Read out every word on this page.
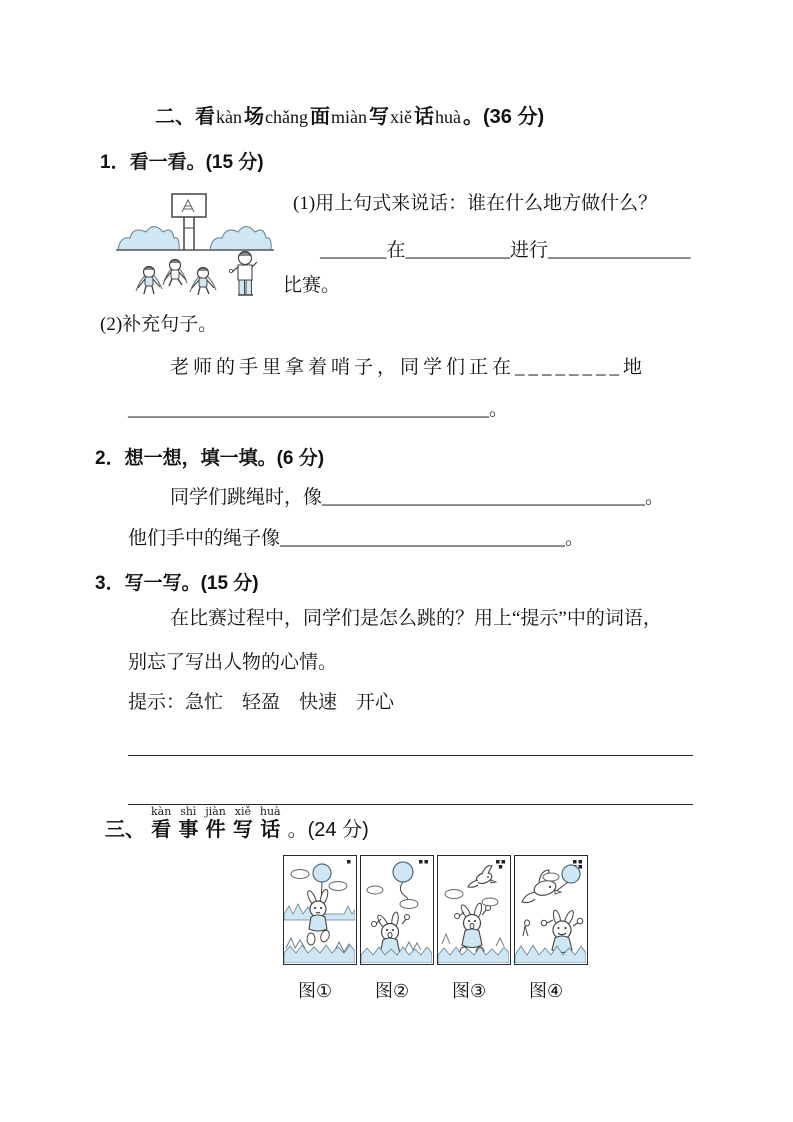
二、看kàn 场chǎng 面miàn 写xiě 话huà 。(36 分)
1．看一看。(15 分)
(1)用上句式来说话：谁在什么地方做什么？
_______在___________进行_______________
比赛。
(2)补充句子。
老师的手里拿着哨子，同学们正在________地
______________________________________。
2．想一想，填一填。(6 分)
同学们跳绳时，像__________________________________。
他们手中的绳子像______________________________。
3．写一写。(15 分)
在比赛过程中，同学们是怎么跳的？用上“提示”中的词语，
别忘了写出人物的心情。
提示：急忙　轻盈　快速　开心
三、
kàn
看
shì
事
jiàn
件
xiě
写
huà
话 。(24 分)
图① 图② 图③ 图④
